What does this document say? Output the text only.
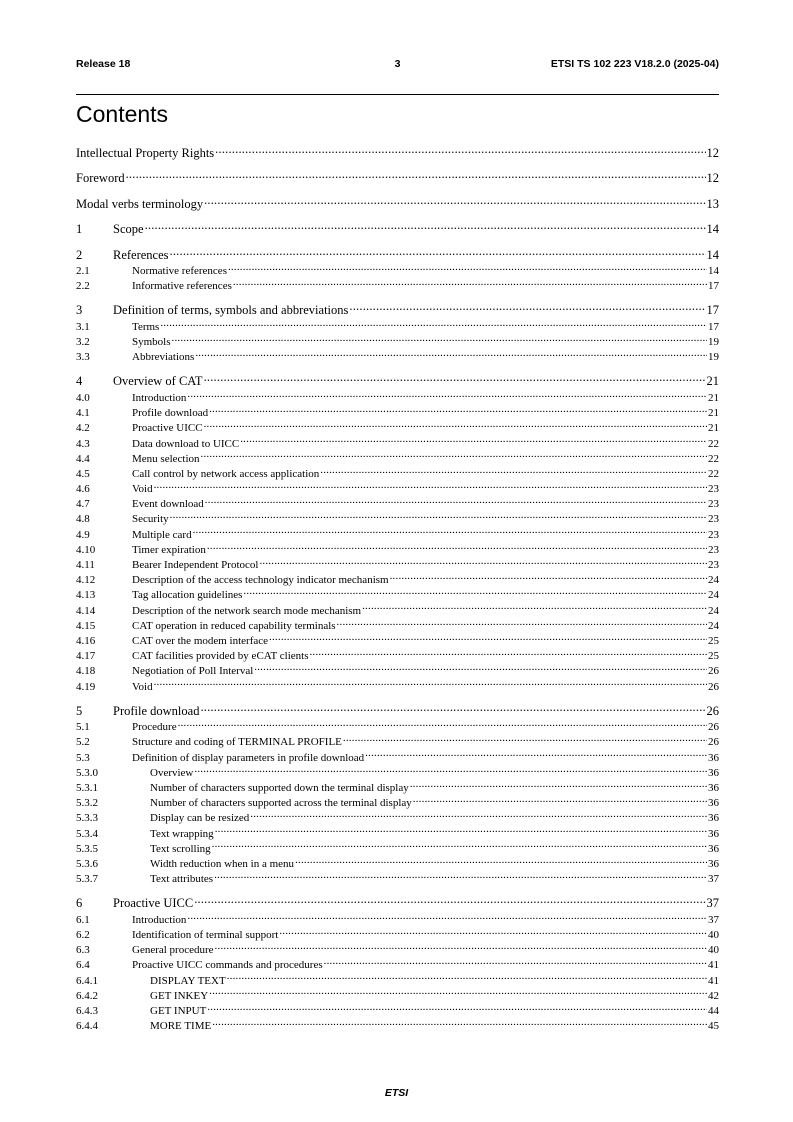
Release 18	3	ETSI TS 102 223 V18.2.0 (2025-04)
Contents
Intellectual Property Rights .....	12
Foreword .....	12
Modal verbs terminology .....	13
1	Scope .....	14
2	References .....	14
2.1	Normative references .....	14
2.2	Informative references .....	17
3	Definition of terms, symbols and abbreviations .....	17
3.1	Terms .....	17
3.2	Symbols .....	19
3.3	Abbreviations .....	19
4	Overview of CAT .....	21
4.0	Introduction .....	21
4.1	Profile download .....	21
4.2	Proactive UICC .....	21
4.3	Data download to UICC .....	22
4.4	Menu selection .....	22
4.5	Call control by network access application .....	22
4.6	Void .....	23
4.7	Event download .....	23
4.8	Security .....	23
4.9	Multiple card .....	23
4.10	Timer expiration .....	23
4.11	Bearer Independent Protocol .....	23
4.12	Description of the access technology indicator mechanism .....	24
4.13	Tag allocation guidelines .....	24
4.14	Description of the network search mode mechanism .....	24
4.15	CAT operation in reduced capability terminals .....	24
4.16	CAT over the modem interface .....	25
4.17	CAT facilities provided by eCAT clients .....	25
4.18	Negotiation of Poll Interval .....	26
4.19	Void .....	26
5	Profile download .....	26
5.1	Procedure .....	26
5.2	Structure and coding of TERMINAL PROFILE .....	26
5.3	Definition of display parameters in profile download .....	36
5.3.0	Overview .....	36
5.3.1	Number of characters supported down the terminal display .....	36
5.3.2	Number of characters supported across the terminal display .....	36
5.3.3	Display can be resized .....	36
5.3.4	Text wrapping .....	36
5.3.5	Text scrolling .....	36
5.3.6	Width reduction when in a menu .....	36
5.3.7	Text attributes .....	37
6	Proactive UICC .....	37
6.1	Introduction .....	37
6.2	Identification of terminal support .....	40
6.3	General procedure .....	40
6.4	Proactive UICC commands and procedures .....	41
6.4.1	DISPLAY TEXT .....	41
6.4.2	GET INKEY .....	42
6.4.3	GET INPUT .....	44
6.4.4	MORE TIME .....	45
ETSI
